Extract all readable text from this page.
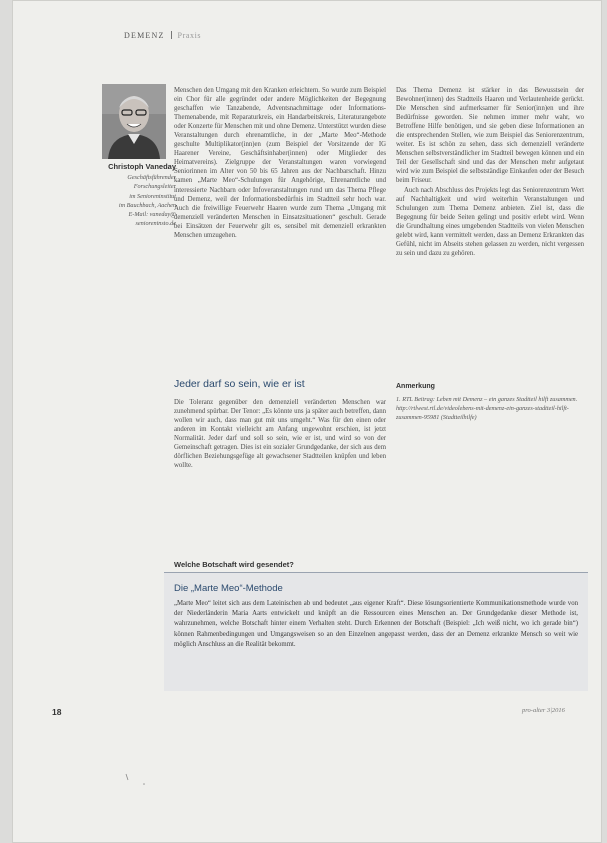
DEMENZ Praxis
Christoph Vaneday
Geschäftsführender
Forschungsleiter
im Senioreninstitut
im Bauchbach, Aachen
E-Mail: vaneday@
senioreninsto.de

Menschen den Umgang mit den Kranken erleichtern. So wurde zum Beispiel ein Chor für alle gegründet oder andere Möglichkeiten der Begegnung geschaffen wie Tanzabende, Adventsnachmittage oder Informations-Themenabende, mit Reparaturkreis, ein Handarbeitskreis, Literaturangebote oder Konzerte für Menschen mit und ohne Demenz. Unterstützt wurden diese Veranstaltungen durch ehrenamtliche, in der „Marte Meo“-Methode geschulte Multiplikator(inn)en (zum Beispiel der Vorsitzende der IG Haarener Vereine, Geschäftsinhaber(innen) oder Mitglieder des Heimatvereins). Zielgruppe der Veranstaltungen waren vorwiegend Seniorinnen im Alter von 50 bis 65 Jahren aus der Nachbarschaft. Hinzu kamen „Marte Meo“-Schulungen für Angehörige, Ehrenamtliche und interessierte Nachbarn oder Infoveranstaltungen rund um das Thema Pflege und Demenz, weil der Informationsbedürfnis im Stadtteil sehr hoch war. Auch die freiwillige Feuerwehr Haaren wurde zum Thema „Umgang mit demenziell veränderten Menschen in Einsatzsituationen“ geschult. Gerade bei Einsätzen der Feuerwehr gilt es, sensibel mit demenziell erkrankten Menschen umzugehen.

Jeder darf so sein, wie er ist

Die Toleranz gegenüber den demenziell veränderten Menschen war zunehmend spürbar. Der Tenor: „Es könnte uns ja später auch betreffen, dann wollen wir auch, dass man gut mit uns umgeht.“ Was für den einen oder anderen im Kontakt vielleicht am Anfang ungewohnt erschien, ist jetzt Normalität. Jeder darf und soll so sein, wie er ist, und wird so von der Gemeinschaft getragen. Dies ist ein sozialer Grundgedanke, der sich aus dem dörflichen Beziehungsgefüge alt gewachsener Stadtteilen knüpfen und leben wollte.

Das Thema Demenz ist stärker in das Bewusstsein der Bewohner(innen) des Stadtteils Haaren und Verlautenheide gerückt. Die Menschen sind aufmerksamer für Senior(inn)en und ihre Bedürfnisse geworden. Sie nehmen immer mehr wahr, wo Betroffene Hilfe benötigen, und sie geben diese Informationen an die entsprechenden Stellen, wie zum Beispiel das Seniorenzentrum, weiter. Es ist schön zu sehen, dass sich demenziell veränderte Menschen selbstverständlicher im Stadtteil bewegen können und ein Teil der Gesellschaft sind und das der Menschen mehr aufgetaut wird wie zum Beispiel die selbstständige Einkaufen oder der Besuch beim Friseur.

Auch nach Abschluss des Projekts legt das Seniorenzentrum Wert auf Nachhaltigkeit und wird weiterhin Veranstaltungen und Schulungen zum Thema Demenz anbieten. Ziel ist, dass die Begegnung für beide Seiten gelingt und positiv erlebt wird. Wenn die Grundhaltung eines umgebenden Stadtteils von vielen Menschen gelebt wird, kann vermittelt werden, dass an Demenz Erkrankten das Gefühl, nicht im Abseits stehen gelassen zu werden, nicht vergessen zu sein und dazu zu gehören.

Anmerkung
1. RTL Beitrag: Leben mit Demenz – ein ganzes Stadtteil hilft zusammen. http://rtlwest.rtl.de/videolebens-mit-demenz-ein-ganzes-stadtteil-hilft-zusammen-95981 (Stadtteilhilfe)
Welche Botschaft wird gesendet?
Die „Marte Meo“-Methode
„Marte Meo“ leitet sich aus dem Lateinischen ab und bedeutet „aus eigener Kraft“. Diese lösungsorientierte Kommunikationsmethode wurde von der Niederländerin Maria Aarts entwickelt und knüpft an die Ressourcen eines Menschen an. Der Grundgedanke dieser Methode ist, wahrzunehmen, welche Botschaft hinter einem Verhalten steht. Durch Erkennen der Botschaft (Beispiel: „Ich weiß nicht, wo ich gerade bin“) können Rahmenbedingungen und Umgangsweisen so an den Einzelnen angepasst werden, dass der an Demenz erkrankte Mensch so weit wie möglich Anschluss an die Realität bekommt.
18	pro-alter 3|2016
